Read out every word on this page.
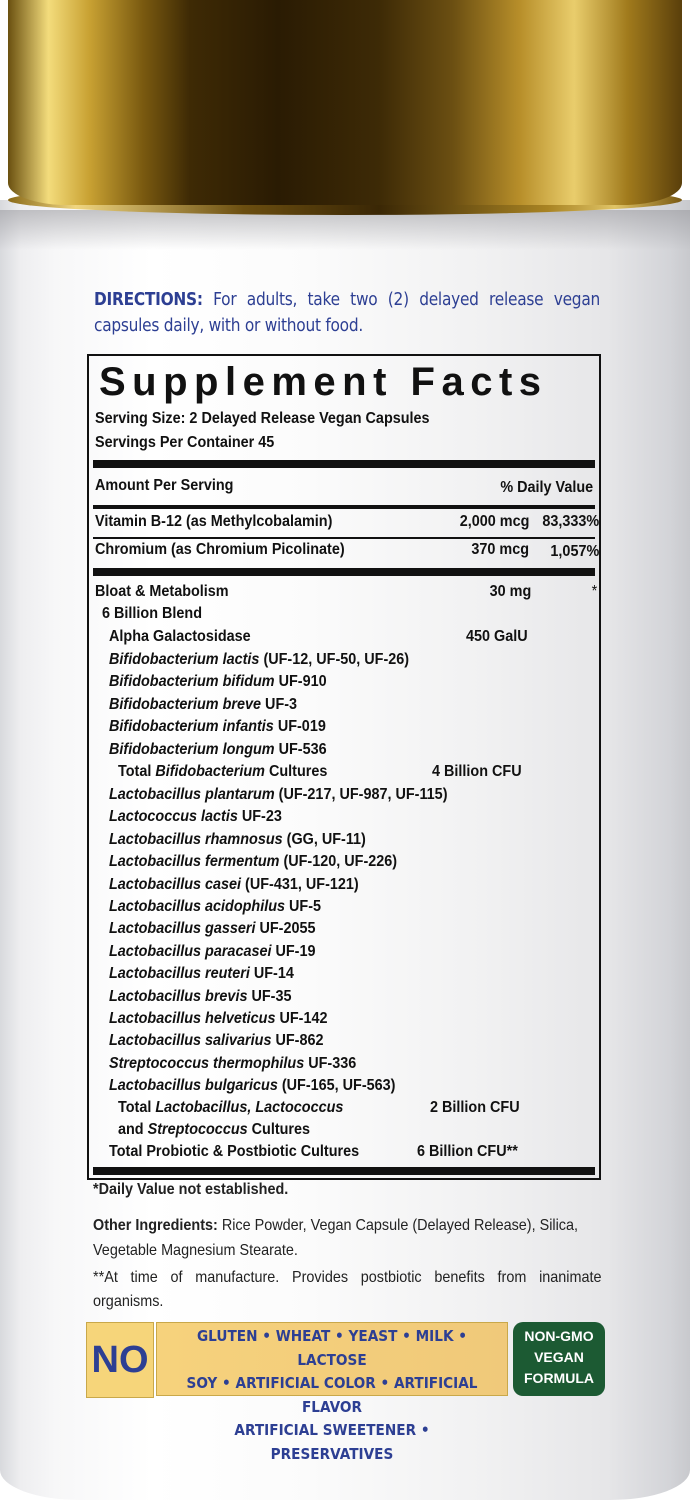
DIRECTIONS: For adults, take two (2) delayed release vegan capsules daily, with or without food.
Supplement Facts
Serving Size: 2 Delayed Release Vegan Capsules
Servings Per Container 45
Amount Per Serving	% Daily Value
Vitamin B-12 (as Methylcobalamin)	2,000 mcg 83,333%
Chromium (as Chromium Picolinate)	370 mcg 1,057%
Bloat & Metabolism	30 mg	*
6 Billion Blend
Alpha Galactosidase	450 GalU
Bifidobacterium lactis (UF-12, UF-50, UF-26)
Bifidobacterium bifidum UF-910
Bifidobacterium breve UF-3
Bifidobacterium infantis UF-019
Bifidobacterium longum UF-536
Total Bifidobacterium Cultures	4 Billion CFU
Lactobacillus plantarum (UF-217, UF-987, UF-115)
Lactococcus lactis UF-23
Lactobacillus rhamnosus (GG, UF-11)
Lactobacillus fermentum (UF-120, UF-226)
Lactobacillus casei (UF-431, UF-121)
Lactobacillus acidophilus UF-5
Lactobacillus gasseri UF-2055
Lactobacillus paracasei UF-19
Lactobacillus reuteri UF-14
Lactobacillus brevis UF-35
Lactobacillus helveticus UF-142
Lactobacillus salivarius UF-862
Streptococcus thermophilus UF-336
Lactobacillus bulgaricus (UF-165, UF-563)
Total Lactobacillus, Lactococcus	2 Billion CFU
and Streptococcus Cultures
Total Probiotic & Postbiotic Cultures	6 Billion CFU**
*Daily Value not established.
Other Ingredients: Rice Powder, Vegan Capsule (Delayed Release), Silica, Vegetable Magnesium Stearate.
**At time of manufacture. Provides postbiotic benefits from inanimate organisms.
NO
GLUTEN • WHEAT • YEAST • MILK • LACTOSE
SOY • ARTIFICIAL COLOR • ARTIFICIAL FLAVOR
ARTIFICIAL SWEETENER • PRESERVATIVES
NON-GMO
VEGAN
FORMULA
